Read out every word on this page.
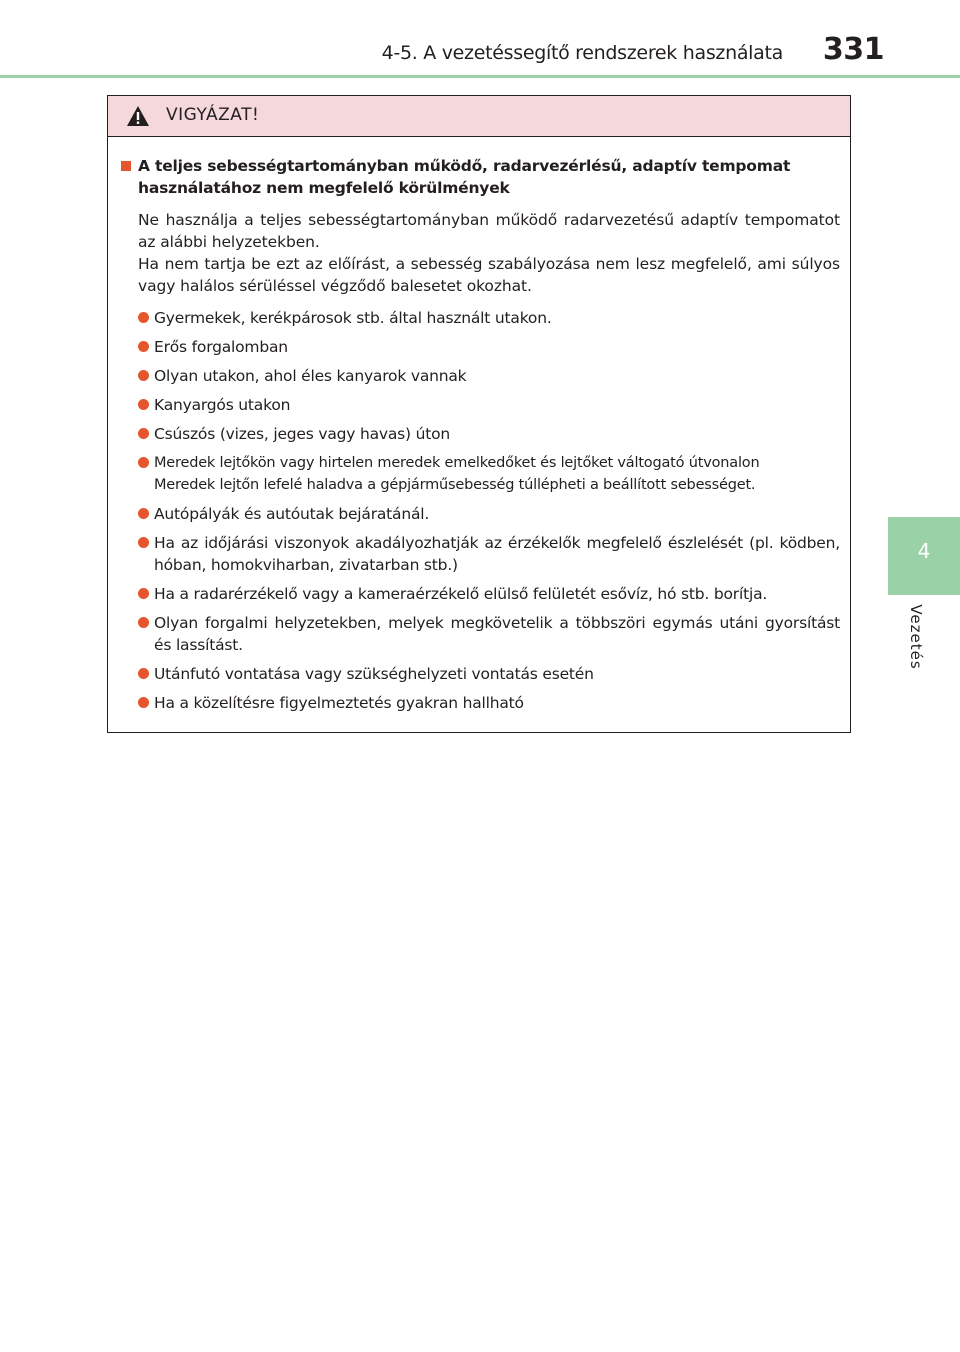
4-5. A vezetéssegítő rendszerek használata 331
4
Vezetés
VIGYÁZAT!
A teljes sebességtartományban működő, radarvezérlésű, adaptív tempomat használatához nem megfelelő körülmények

Ne használja a teljes sebességtartományban működő radarvezetésű adaptív tempomatot az alábbi helyzetekben.

Ha nem tartja be ezt az előírást, a sebesség szabályozása nem lesz megfelelő, ami súlyos vagy halálos sérüléssel végződő balesetet okozhat.

Gyermekek, kerékpárosok stb. által használt utakon.
Erős forgalomban
Olyan utakon, ahol éles kanyarok vannak
Kanyargós utakon
Csúszós (vizes, jeges vagy havas) úton
Meredek lejtőkön vagy hirtelen meredek emelkedőket és lejtőket váltogató útvonalon
Meredek lejtőn lefelé haladva a gépjárműsebesség túllépheti a beállított sebességet.
Autópályák és autóutak bejáratánál.
Ha az időjárási viszonyok akadályozhatják az érzékelők megfelelő észlelését (pl. ködben, hóban, homokviharban, zivatarban stb.)
Ha a radarérzékelő vagy a kameraérzékelő elülső felületét esővíz, hó stb. borítja.
Olyan forgalmi helyzetekben, melyek megkövetelik a többszöri egymás utáni gyorsítást és lassítást.
Utánfutó vontatása vagy szükséghelyzeti vontatás esetén
Ha a közelítésre figyelmeztetés gyakran hallható
